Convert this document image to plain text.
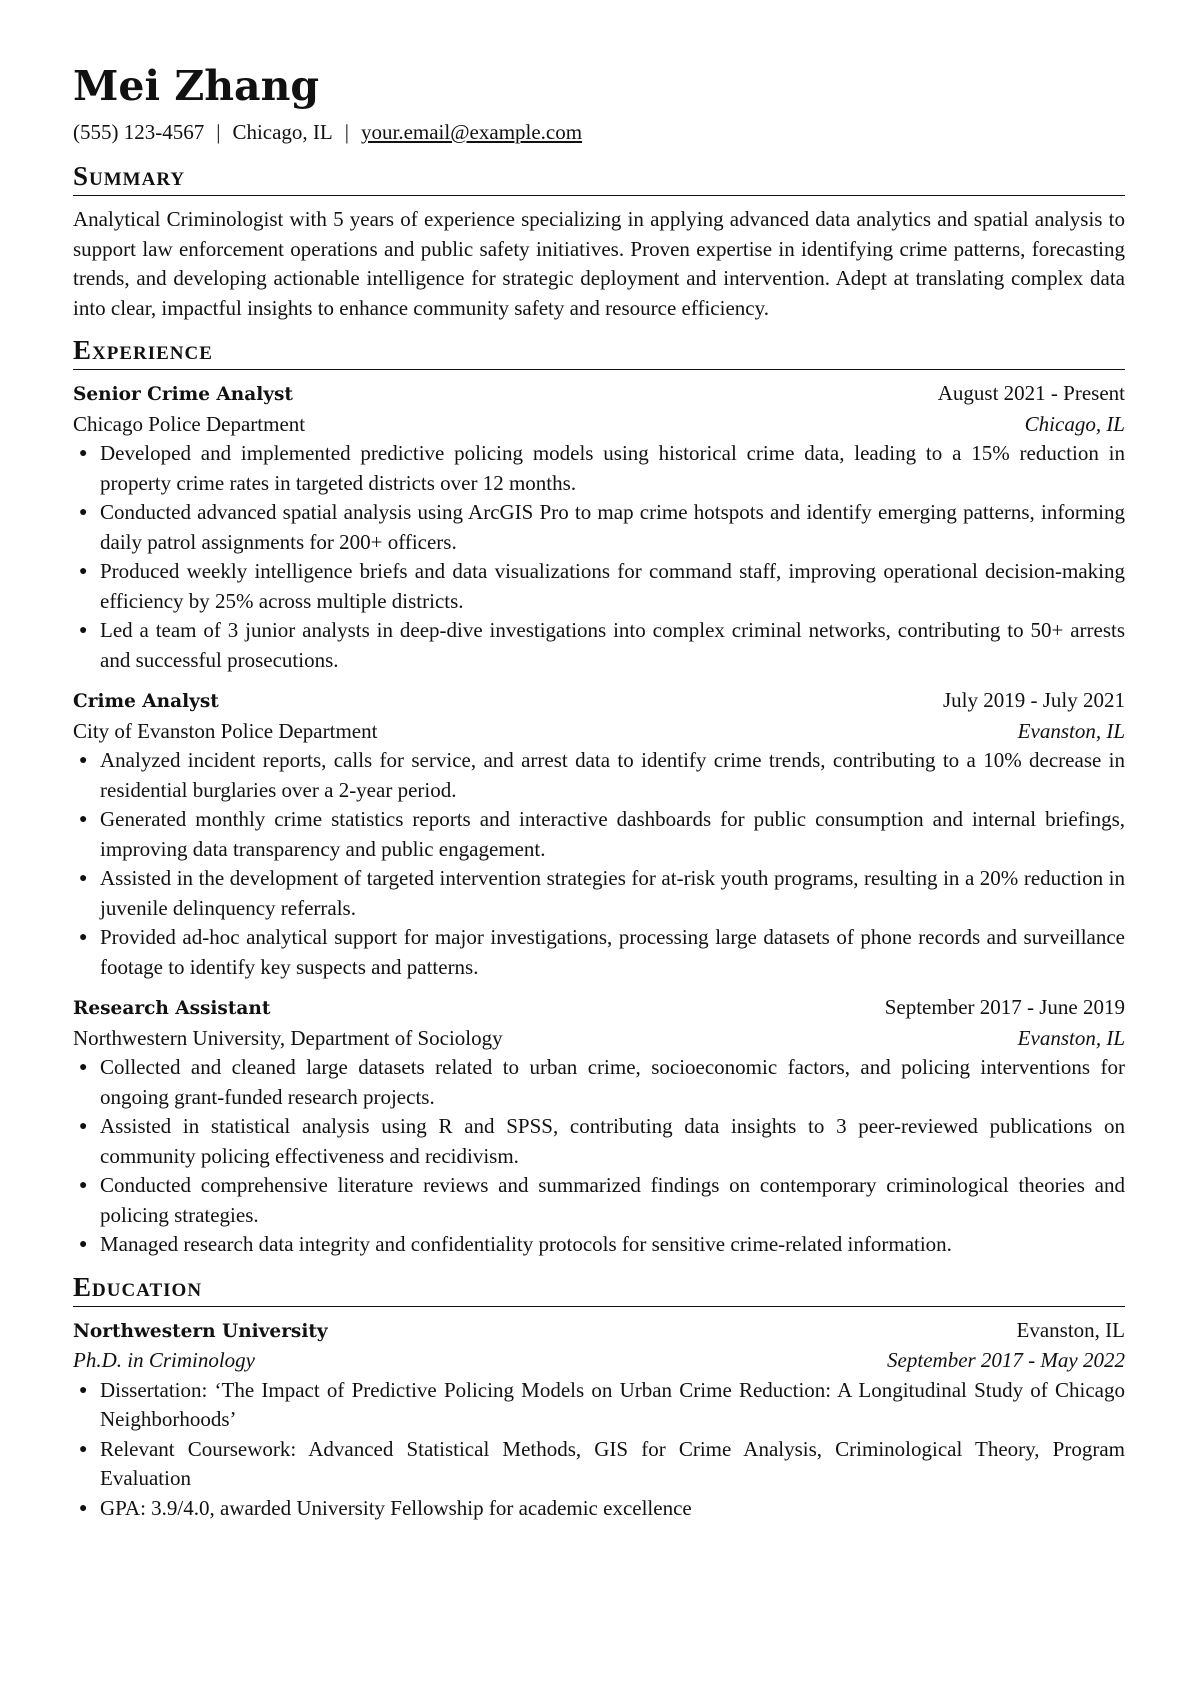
Mei Zhang
(555) 123-4567 | Chicago, IL | your.email@example.com
Summary

Analytical Criminologist with 5 years of experience specializing in applying advanced data analytics and spatial analysis to support law enforcement operations and public safety initiatives. Proven expertise in identifying crime patterns, forecasting trends, and developing actionable intelligence for strategic deployment and intervention. Adept at translating complex data into clear, impactful insights to enhance community safety and resource efficiency.

Experience
Senior Crime Analyst	August 2021 - Present
Chicago Police Department	Chicago, IL
● Developed and implemented predictive policing models using historical crime data, leading to a 15% reduction in property crime rates in targeted districts over 12 months.
● Conducted advanced spatial analysis using ArcGIS Pro to map crime hotspots and identify emerging patterns, informing daily patrol assignments for 200+ officers.
● Produced weekly intelligence briefs and data visualizations for command staff, improving operational decision-making efficiency by 25% across multiple districts.
● Led a team of 3 junior analysts in deep-dive investigations into complex criminal networks, contributing to 50+ arrests and successful prosecutions.
Crime Analyst	July 2019 - July 2021
City of Evanston Police Department	Evanston, IL
● Analyzed incident reports, calls for service, and arrest data to identify crime trends, contributing to a 10% decrease in residential burglaries over a 2-year period.
● Generated monthly crime statistics reports and interactive dashboards for public consumption and internal briefings, improving data transparency and public engagement.
● Assisted in the development of targeted intervention strategies for at-risk youth programs, resulting in a 20% reduction in juvenile delinquency referrals.
● Provided ad-hoc analytical support for major investigations, processing large datasets of phone records and surveillance footage to identify key suspects and patterns.
Research Assistant	September 2017 - June 2019
Northwestern University, Department of Sociology	Evanston, IL
● Collected and cleaned large datasets related to urban crime, socioeconomic factors, and policing interventions for ongoing grant-funded research projects.
● Assisted in statistical analysis using R and SPSS, contributing data insights to 3 peer-reviewed publications on community policing effectiveness and recidivism.
● Conducted comprehensive literature reviews and summarized findings on contemporary criminological theories and policing strategies.
● Managed research data integrity and confidentiality protocols for sensitive crime-related information.
Education
Northwestern University	Evanston, IL
Ph.D. in Criminology	September 2017 - May 2022
● Dissertation: ‘The Impact of Predictive Policing Models on Urban Crime Reduction: A Longitudinal Study of Chicago Neighborhoods’
● Relevant Coursework: Advanced Statistical Methods, GIS for Crime Analysis, Criminological Theory, Program Evaluation
● GPA: 3.9/4.0, awarded University Fellowship for academic excellence
